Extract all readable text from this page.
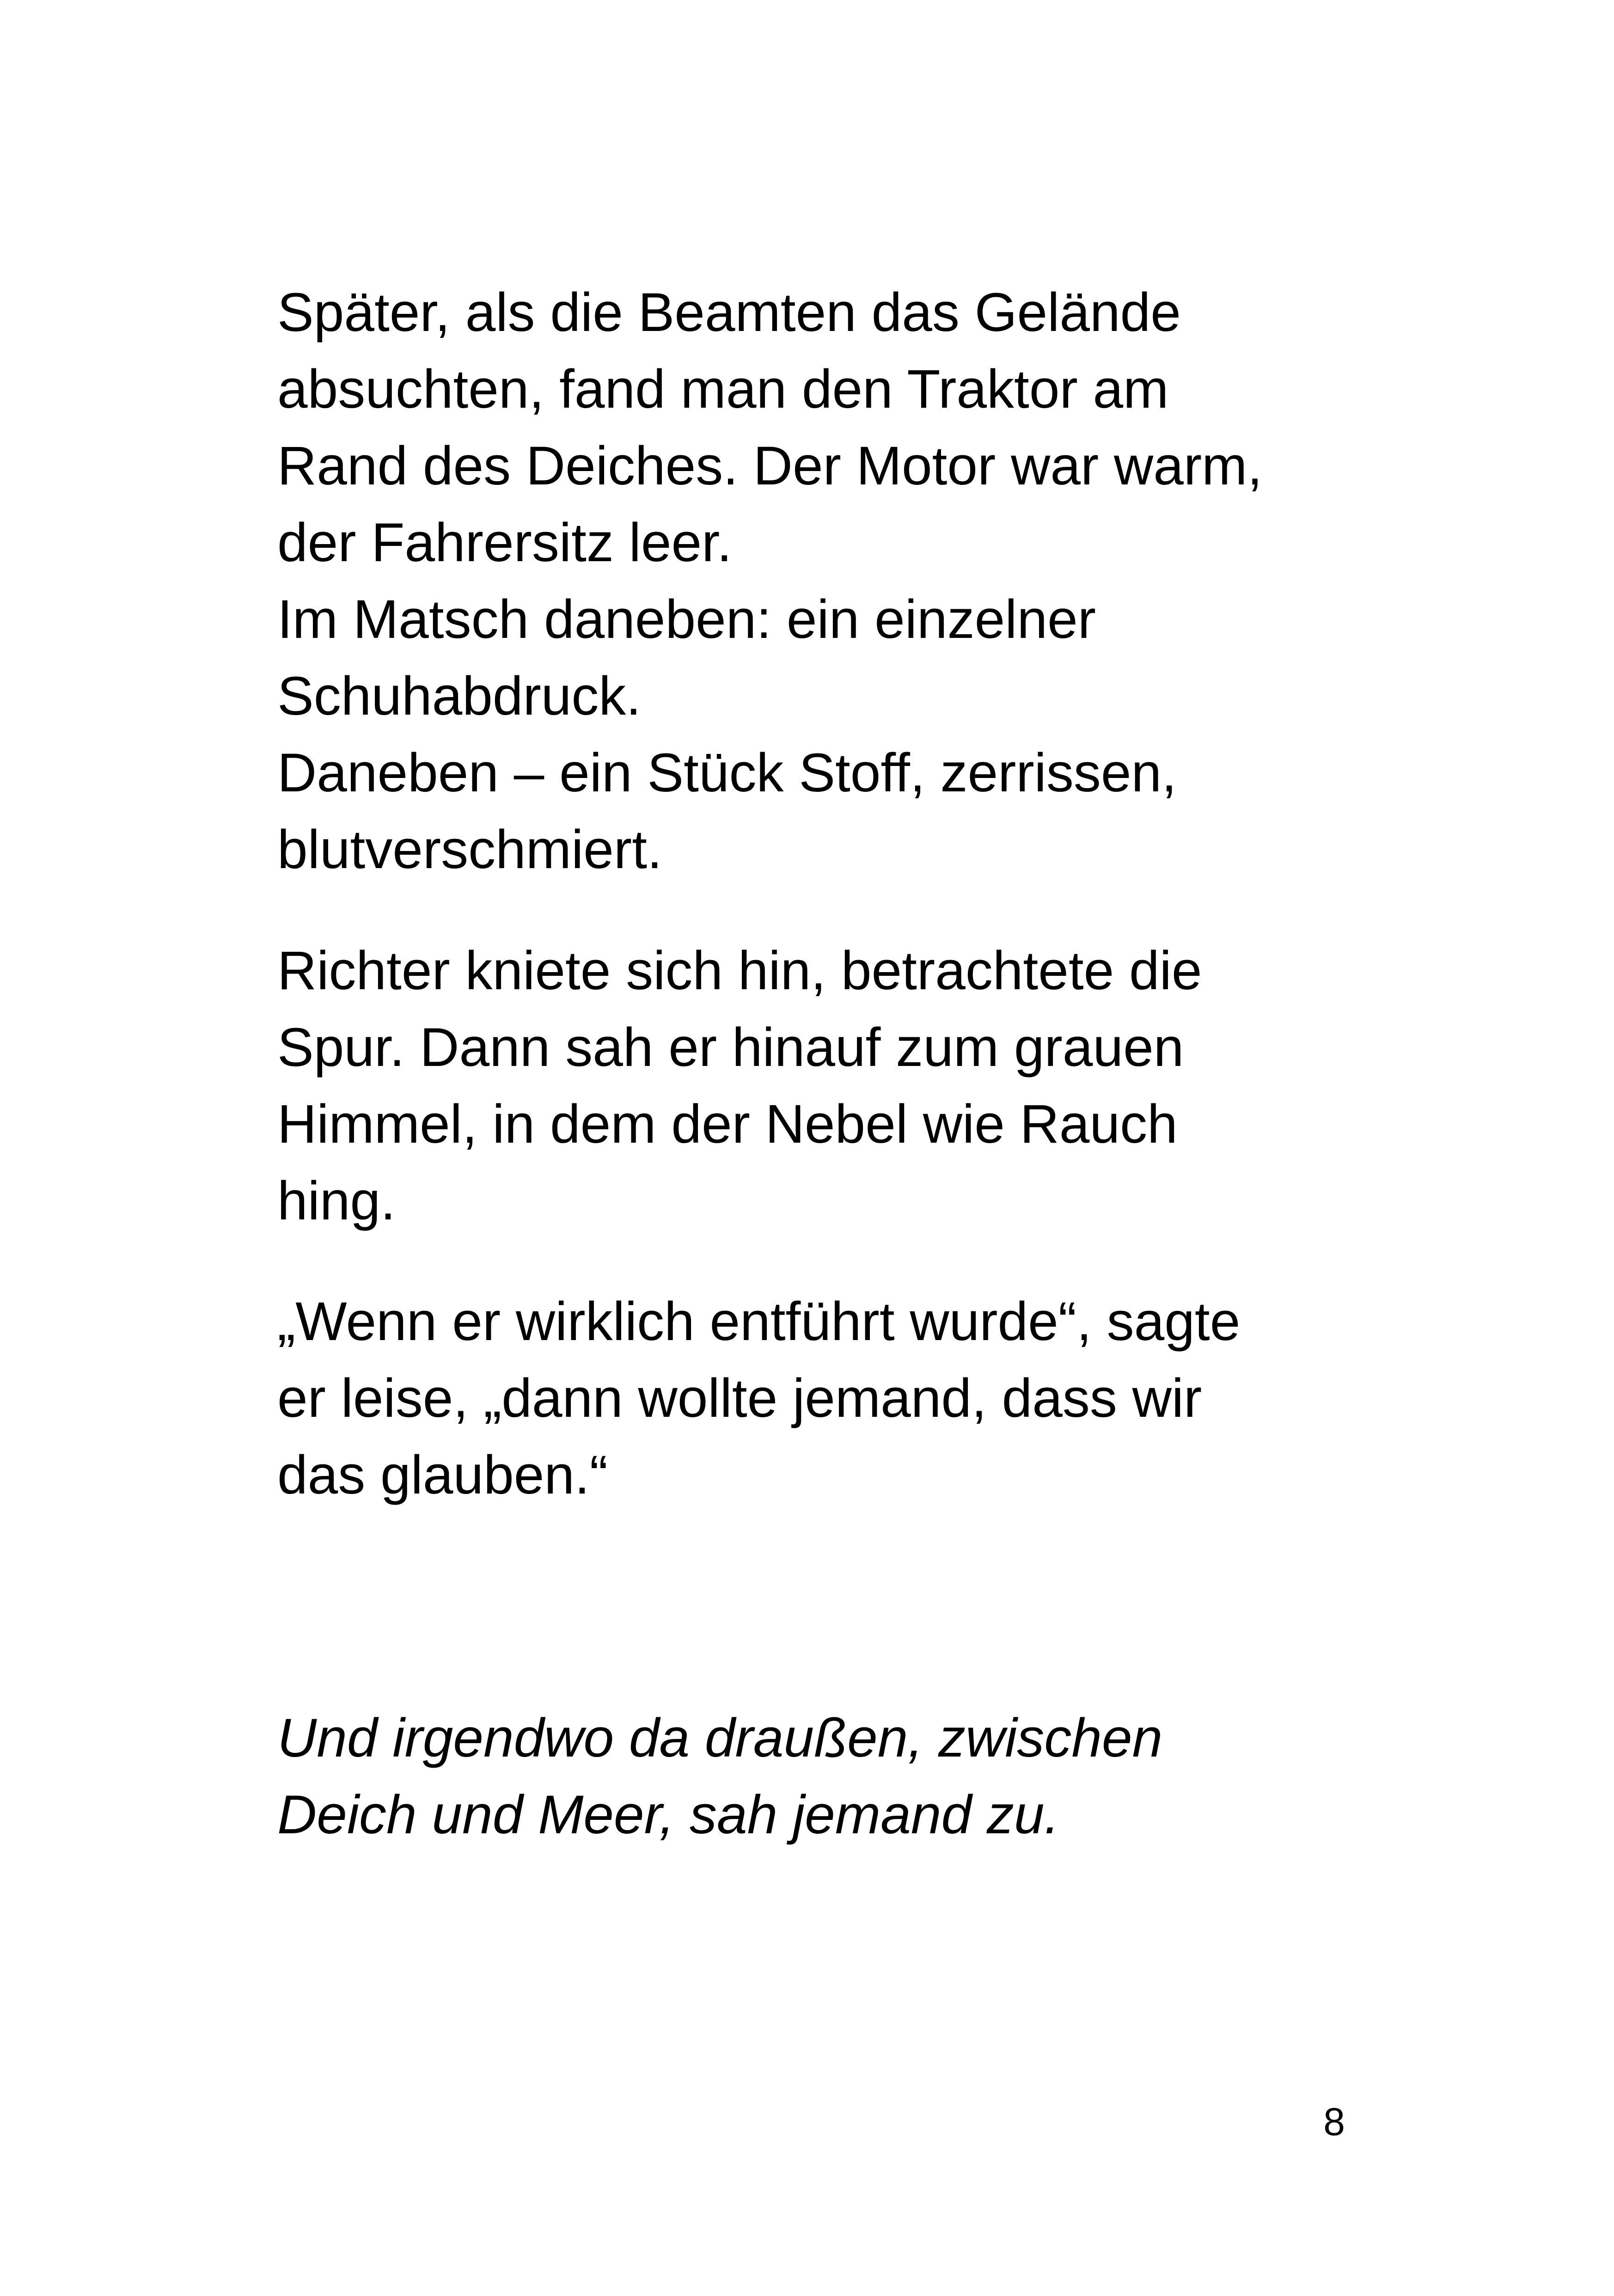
Später, als die Beamten das Gelände
absuchten, fand man den Traktor am
Rand des Deiches. Der Motor war warm,
der Fahrersitz leer.
Im Matsch daneben: ein einzelner
Schuhabdruck.
Daneben – ein Stück Stoff, zerrissen,
blutverschmiert.

Richter kniete sich hin, betrachtete die
Spur. Dann sah er hinauf zum grauen
Himmel, in dem der Nebel wie Rauch
hing.

„Wenn er wirklich entführt wurde“, sagte
er leise, „dann wollte jemand, dass wir
das glauben.“

Und irgendwo da draußen, zwischen
Deich und Meer, sah jemand zu.

8
